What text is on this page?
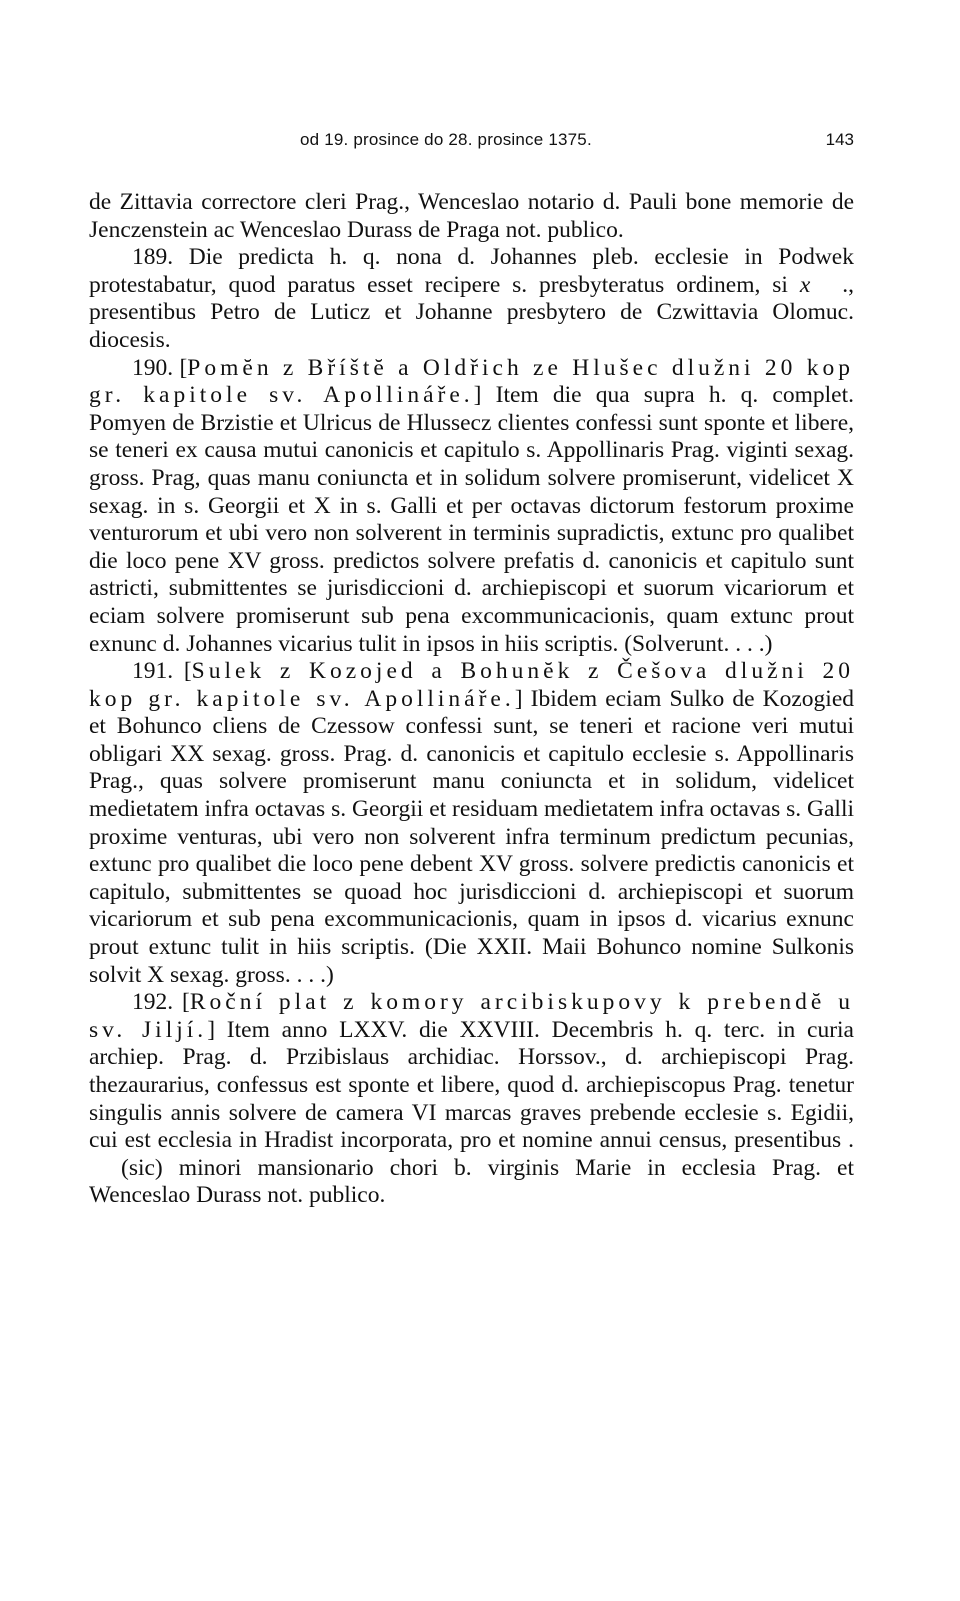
od 19. prosince do 28. prosince 1375.	143

de Zittavia correctore cleri Prag., Wenceslao notario d. Pauli bone memorie de Jenczenstein ac Wenceslao Durass de Praga not. publico.

189. Die predicta h. q. nona d. Johannes pleb. ecclesie in Podwek protestabatur, quod paratus esset recipere s. presbyteratus ordinem, si x ., presentibus Petro de Luticz et Johanne presbytero de Czwittavia Olomuc. diocesis.

190. [Pomĕn z Bříštĕ a Oldřich ze Hlušec dlužni 20 kop gr. kapitole sv. Apollináře.] Item die qua supra h. q. complet. Pomyen de Brzistie et Ulricus de Hlussecz clientes confessi sunt sponte et libere, se teneri ex causa mutui canonicis et capitulo s. Appollinaris Prag. viginti sexag. gross. Prag, quas manu coniuncta et in solidum solvere promiserunt, videlicet X sexag. in s. Georgii et X in s. Galli et per octavas dictorum festorum proxime venturorum et ubi vero non solverent in terminis supradictis, extunc pro qualibet die loco pene XV gross. predictos solvere prefatis d. canonicis et capitulo sunt astricti, submittentes se jurisdiccioni d. archiepiscopi et suorum vicariorum et eciam solvere promiserunt sub pena excommunicacionis, quam extunc prout exnunc d. Johannes vicarius tulit in ipsos in hiis scriptis. (Solverunt. . . .)

191. [Sulek z Kozojed a Bohunĕk z Češova dlužni 20 kop gr. kapitole sv. Apollináře.] Ibidem eciam Sulko de Kozogied et Bohunco cliens de Czessow confessi sunt, se teneri et racione veri mutui obligari XX sexag. gross. Prag. d. canonicis et capitulo ecclesie s. Appollinaris Prag., quas solvere promiserunt manu coniuncta et in solidum, videlicet medietatem infra octavas s. Georgii et residuam medietatem infra octavas s. Galli proxime venturas, ubi vero non solverent infra terminum predictum pecunias, extunc pro qualibet die loco pene debent XV gross. solvere predictis canonicis et capitulo, submittentes se quoad hoc jurisdiccioni d. archiepiscopi et suorum vicariorum et sub pena excommunicacionis, quam in ipsos d. vicarius exnunc prout extunc tulit in hiis scriptis. (Die XXII. Maii Bohunco nomine Sulkonis solvit X sexag. gross. . . .)

192. [Roční plat z komory arcibiskupovy k prebendĕ u sv. Jiljí.] Item anno LXXV. die XXVIII. Decembris h. q. terc. in curia archiep. Prag. d. Przibislaus archidiac. Horssov., d. archiepiscopi Prag. thezaurarius, confessus est sponte et libere, quod d. archiepiscopus Prag. tenetur singulis annis solvere de camera VI marcas graves prebende ecclesie s. Egidii, cui est ecclesia in Hradist incorporata, pro et nomine annui census, presentibus .(sic) minori mansionario chori b. virginis Marie in ecclesia Prag. et Wenceslao Durass not. publico.
